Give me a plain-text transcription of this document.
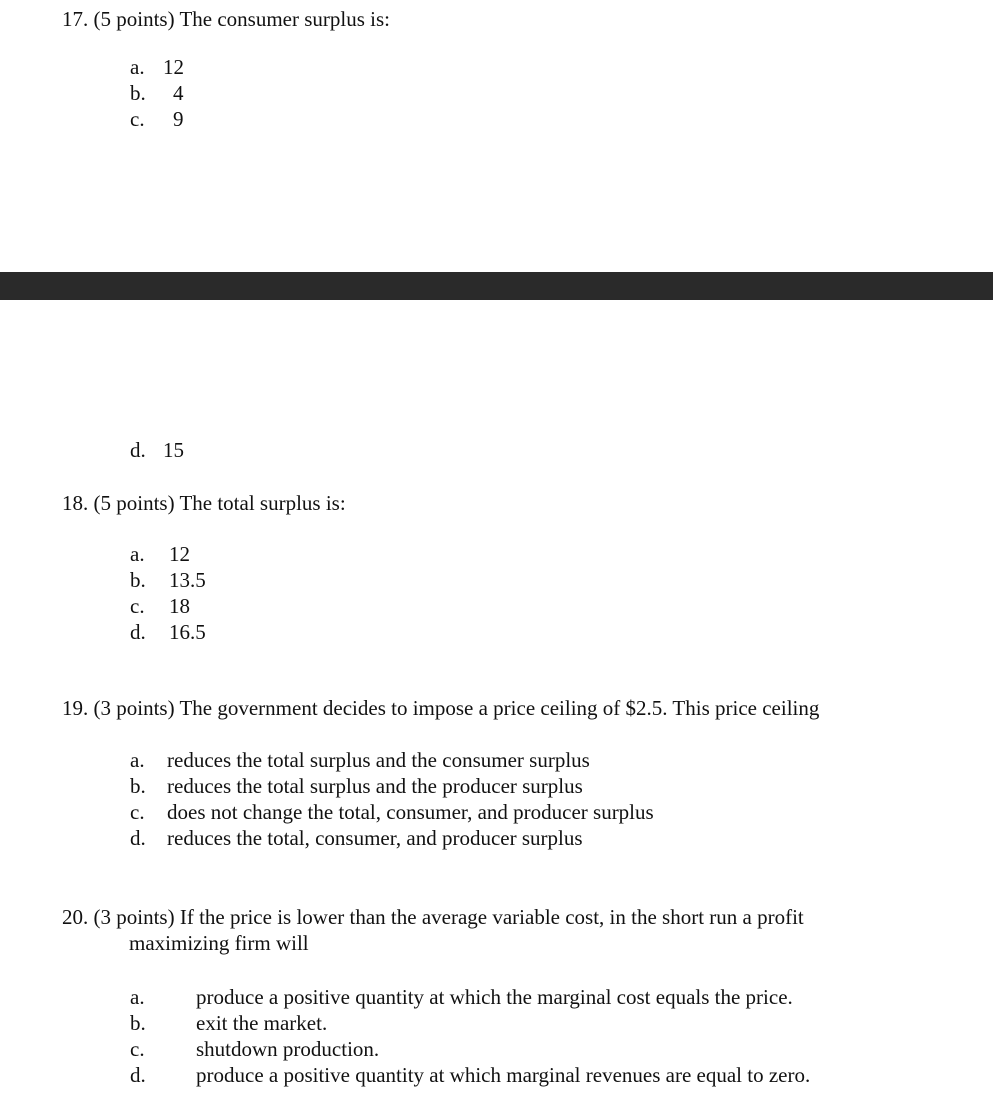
17. (5 points) The consumer surplus is:
a. 12
b. 4
c. 9
d. 15
18. (5 points) The total surplus is:
a. 12
b. 13.5
c. 18
d. 16.5
19. (3 points) The government decides to impose a price ceiling of $2.5. This price ceiling
a. reduces the total surplus and the consumer surplus
b. reduces the total surplus and the producer surplus
c. does not change the total, consumer, and producer surplus
d. reduces the total, consumer, and producer surplus
20. (3 points) If the price is lower than the average variable cost, in the short run a profit
maximizing firm will
a. produce a positive quantity at which the marginal cost equals the price.
b. exit the market.
c. shutdown production.
d. produce a positive quantity at which marginal revenues are equal to zero.
